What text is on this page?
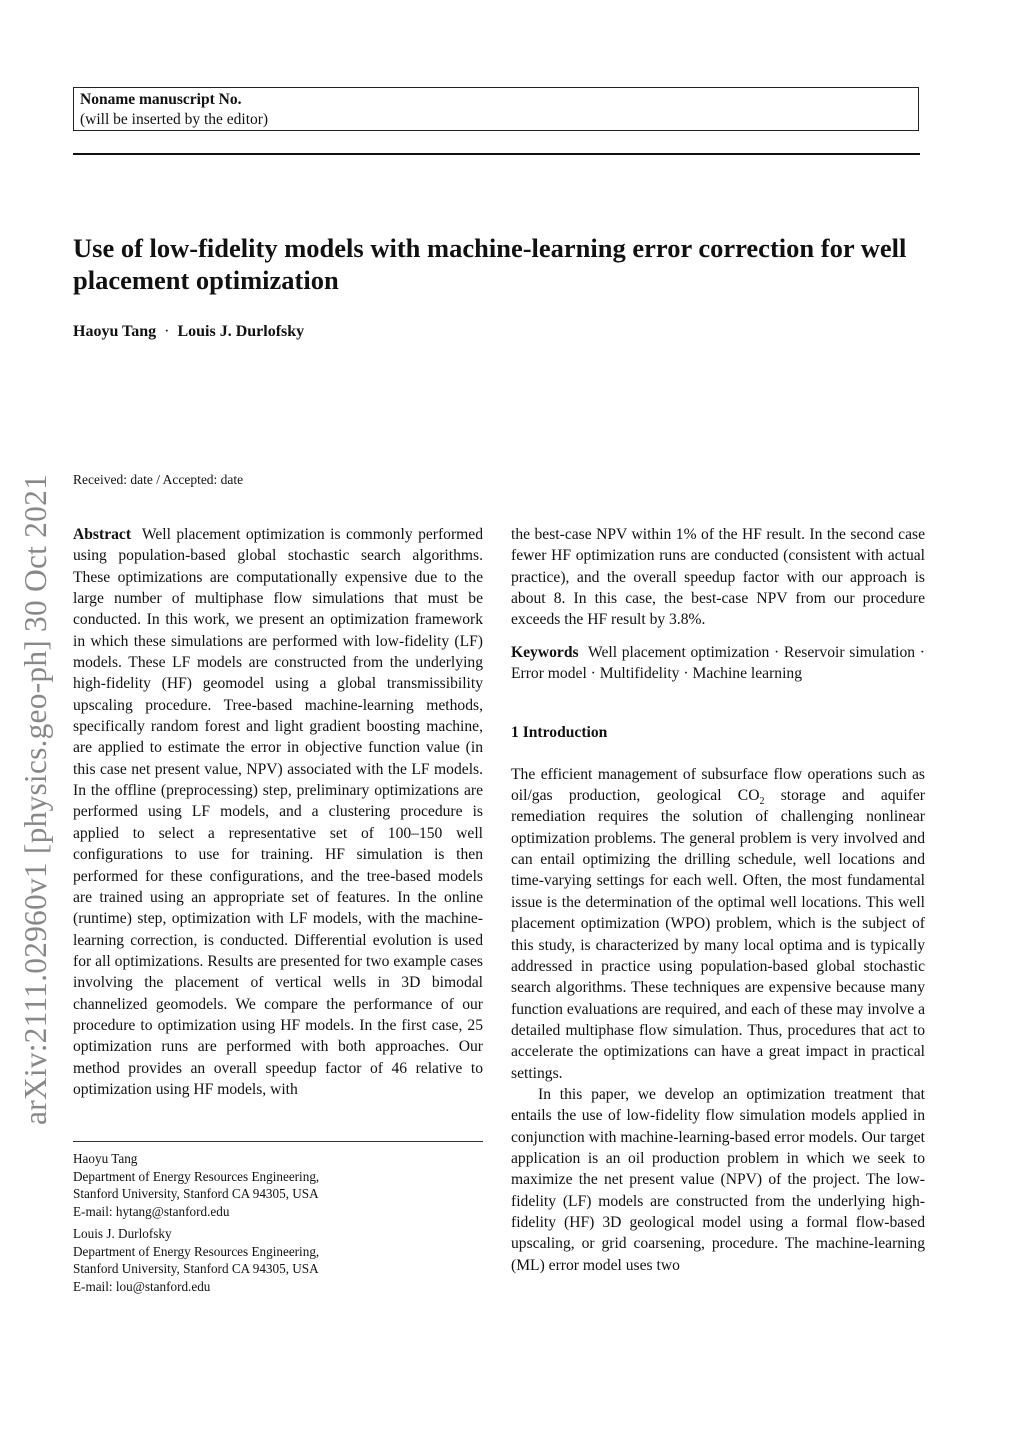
Noname manuscript No.
(will be inserted by the editor)
Use of low-fidelity models with machine-learning error correction for well placement optimization
Haoyu Tang · Louis J. Durlofsky
arXiv:2111.02960v1 [physics.geo-ph] 30 Oct 2021	Received: date / Accepted: date

Abstract Well placement optimization is commonly performed using population-based global stochastic search algorithms. These optimizations are computationally expensive due to the large number of multiphase flow simulations that must be conducted. In this work, we present an optimization framework in which these simulations are performed with low-fidelity (LF) models. These LF models are constructed from the underlying high-fidelity (HF) geomodel using a global transmissibility upscaling procedure. Tree-based machine-learning methods, specifically random forest and light gradient boosting machine, are applied to estimate the error in objective function value (in this case net present value, NPV) associated with the LF models. In the offline (preprocessing) step, preliminary optimizations are performed using LF models, and a clustering procedure is applied to select a representative set of 100–150 well configurations to use for training. HF simulation is then performed for these configurations, and the tree-based models are trained using an appropriate set of features. In the online (runtime) step, optimization with LF models, with the machine-learning correction, is conducted. Differential evolution is used for all optimizations. Results are presented for two example cases involving the placement of vertical wells in 3D bimodal channelized geomodels. We compare the performance of our procedure to optimization using HF models. In the first case, 25 optimization runs are performed with both approaches. Our method provides an overall speedup factor of 46 relative to optimization using HF models, with

Haoyu Tang
Department of Energy Resources Engineering,
Stanford University, Stanford CA 94305, USA
E-mail: hytang@stanford.edu
Louis J. Durlofsky
Department of Energy Resources Engineering,
Stanford University, Stanford CA 94305, USA
E-mail: lou@stanford.edu

the best-case NPV within 1% of the HF result. In the second case fewer HF optimization runs are conducted (consistent with actual practice), and the overall speedup factor with our approach is about 8. In this case, the best-case NPV from our procedure exceeds the HF result by 3.8%.

Keywords Well placement optimization · Reservoir simulation · Error model · Multifidelity · Machine learning

1 Introduction

The efficient management of subsurface flow operations such as oil/gas production, geological $CO_2$ storage and aquifer remediation requires the solution of challenging nonlinear optimization problems. The general problem is very involved and can entail optimizing the drilling schedule, well locations and time-varying settings for each well. Often, the most fundamental issue is the determination of the optimal well locations. This well placement optimization (WPO) problem, which is the subject of this study, is characterized by many local optima and is typically addressed in practice using population-based global stochastic search algorithms. These techniques are expensive because many function evaluations are required, and each of these may involve a detailed multiphase flow simulation. Thus, procedures that act to accelerate the optimizations can have a great impact in practical settings.

In this paper, we develop an optimization treatment that entails the use of low-fidelity flow simulation models applied in conjunction with machine-learning-based error models. Our target application is an oil production problem in which we seek to maximize the net present value (NPV) of the project. The low-fidelity (LF) models are constructed from the underlying high-fidelity (HF) 3D geological model using a formal flow-based upscaling, or grid coarsening, procedure. The machine-learning (ML) error model uses two
